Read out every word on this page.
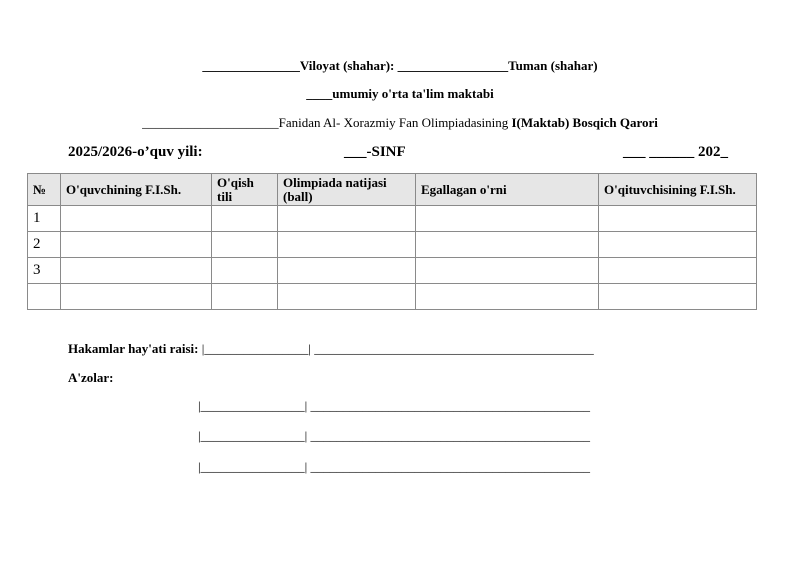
_______________Viloyat (shahar): _________________Tuman (shahar)
____umumiy o'rta ta'lim maktabi
_____________________Fanidan Al- Xorazmiy Fan Olimpiadasining I(Maktab) Bosqich Qarori
2025/2026-o’quv yili:	___-SINF	___ ______ 202_
№	O'quvchining F.I.Sh.	O'qish tili	Olimpiada natijasi (ball)	Egallagan o'rni	O'qituvchisining F.I.Sh.
1					
2					
3					

Hakamlar hay'ati raisi: |________________| ___________________________________________
A'zolar:
|________________| ___________________________________________
|________________| ___________________________________________
|________________| ___________________________________________
